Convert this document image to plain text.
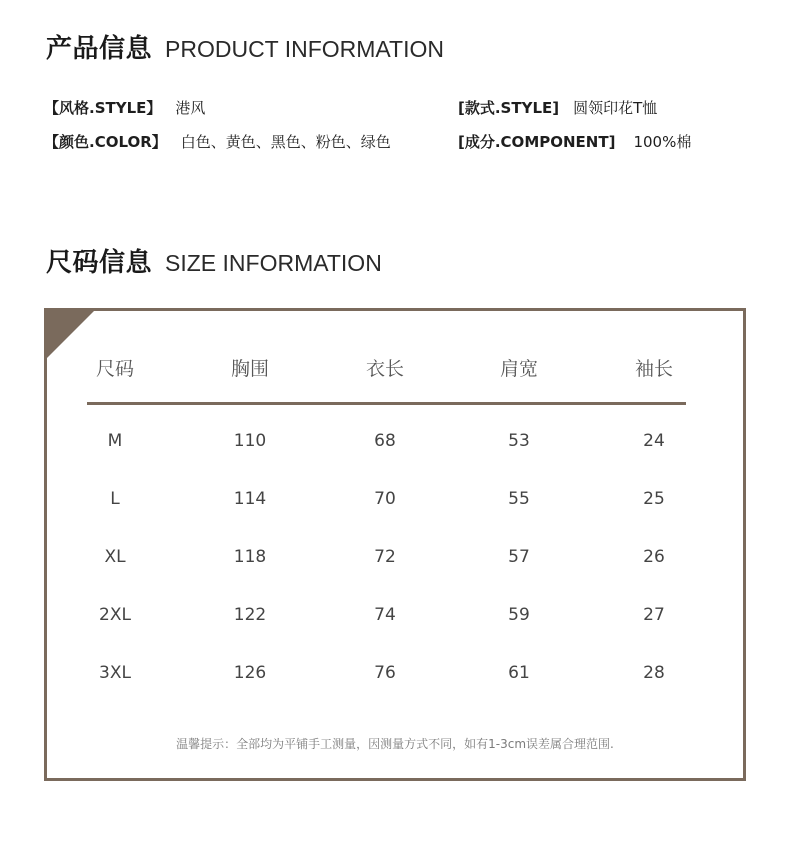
产品信息 PRODUCT INFORMATION
【风格.STYLE】 港风	[款式.STYLE] 圆领印花T恤
【颜色.COLOR】 白色、黄色、黑色、粉色、绿色	[成分.COMPONENT] 100%棉
尺码信息 SIZE INFORMATION
尺码	胸围	衣长	肩宽	袖长
M	110	68	53	24
L	114	70	55	25
XL	118	72	57	26
2XL	122	74	59	27
3XL	126	76	61	28
温馨提示：全部均为平铺手工测量，因测量方式不同，如有1-3cm误差属合理范围.
